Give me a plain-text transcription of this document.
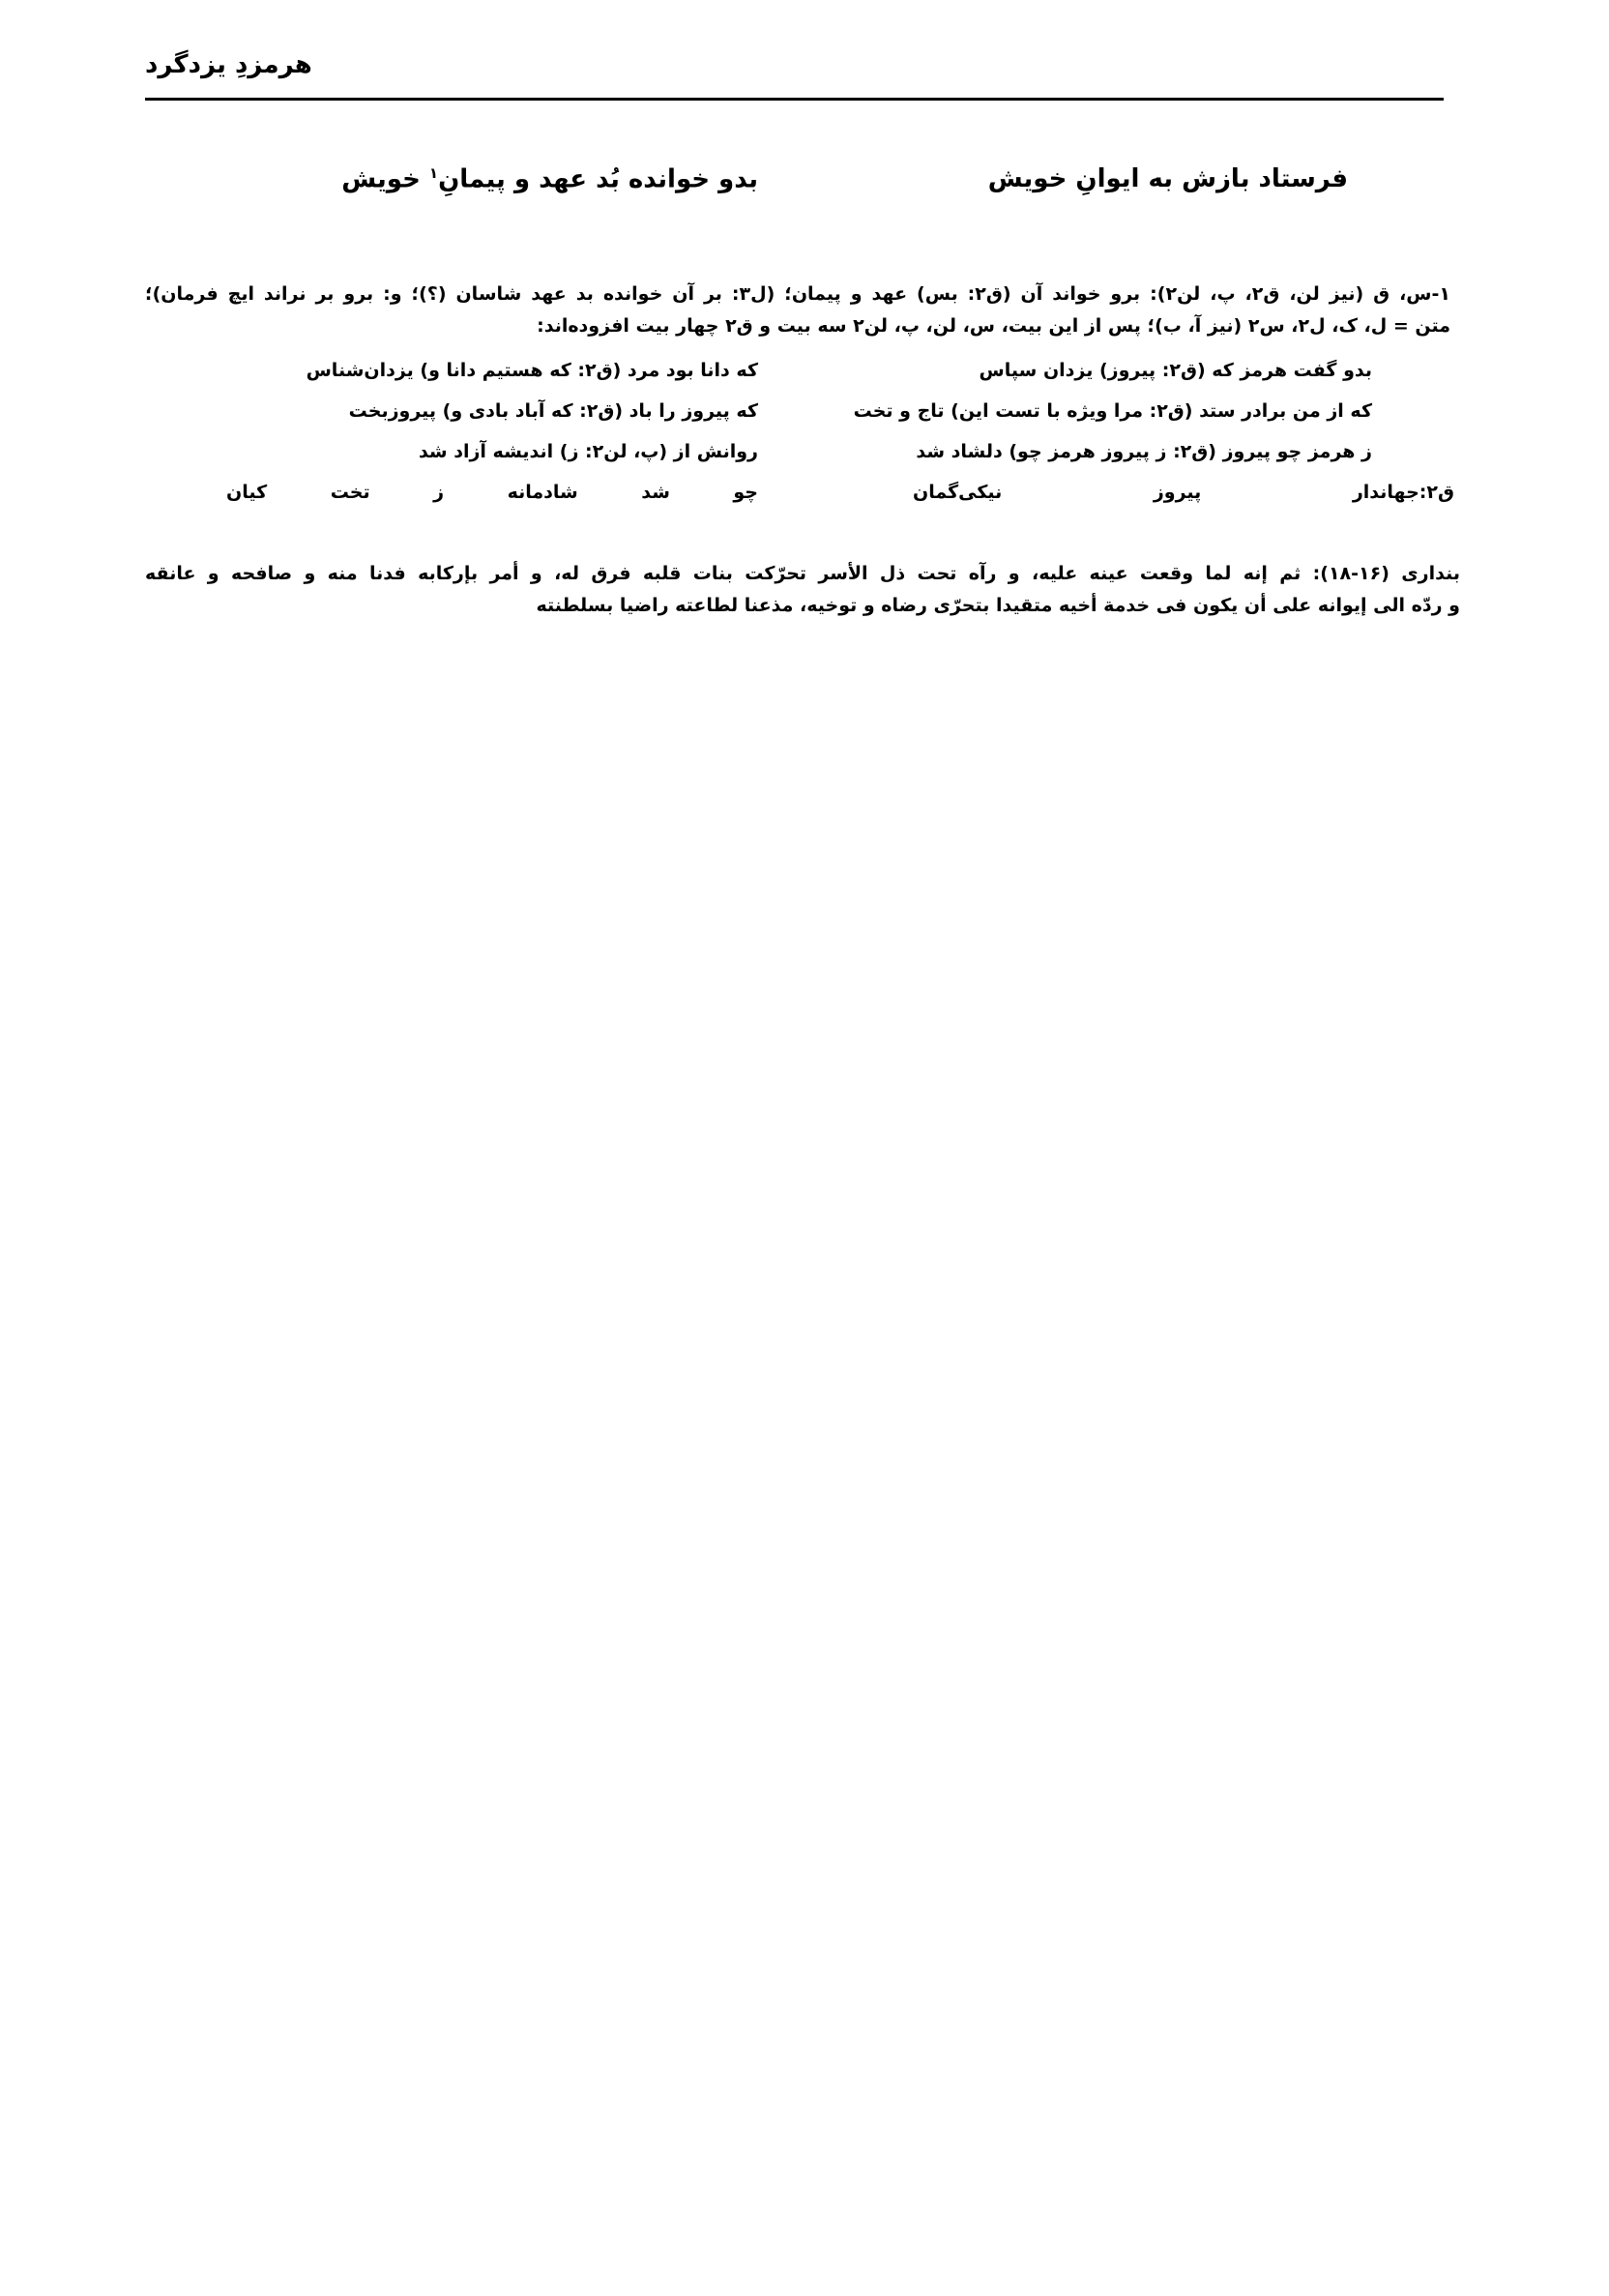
هرمزدِ یزدگرد
فرستاد بازش به ایوانِ خویش
بدو خوانده بُد عهد و پیمانِ$^۱$ خویش
۱-س، ق (نیز لن، ق۲، پ، لن۲): برو خواند آن (ق۲: بس) عهد و پیمان؛ (ل۳: بر آن خوانده بد عهد شاسان (؟)؛ و: برو بر نراند ایچ فرمان)؛
متن = ل، ک، ل۲، س۲ (نیز آ، ب)؛ پس از این بیت، س، لن، پ، لن۲ سه بیت و ق۲ چهار بیت افزوده‌اند:
بدو گفت هرمز که (ق۲: پیروز) یزدان سپاس
که دانا بود مرد (ق۲: که هستیم دانا و) یزدان‌شناس
که از من برادر ستد (ق۲: مرا ویژه با تست این) تاج و تخت
که پیروز را باد (ق۲: که آباد بادی و) پیروزبخت
ز هرمز چو پیروز (ق۲: ز پیروز هرمز چو) دلشاد شد
روانش از (پ، لن۲: ز) اندیشه آزاد شد
ق۲:جهاندار
پیروز
نیکی‌گمان
چو
شد
شادمانه
ز
تخت
کیان
بنداری (۱۶-۱۸): ثم إنه لما وقعت عینه علیه، و رآه تحت ذل الأسر تحرّکت بنات قلبه فرق له، و أمر بإرکابه فدنا منه و صافحه و عانقه
و ردّه الی إیوانه علی أن یکون فی خدمة أخیه متقیدا بتحرّی رضاه و توخیه، مذعنا لطاعته راضیا بسلطنته
